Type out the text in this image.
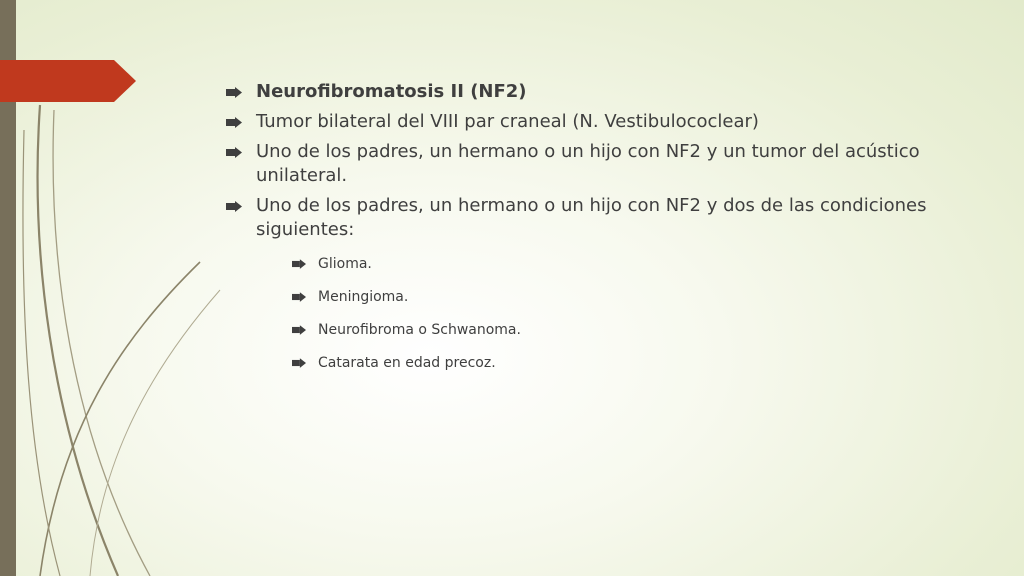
Neurofibromatosis II (NF2)
Tumor bilateral del VIII par craneal (N. Vestibulococlear)
Uno de los padres, un hermano o un hijo con NF2 y un tumor del acústico unilateral.
Uno de los padres, un hermano o un hijo con NF2 y dos de las condiciones siguientes:
Glioma.
Meningioma.
Neurofibroma o Schwanoma.
Catarata en edad precoz.
